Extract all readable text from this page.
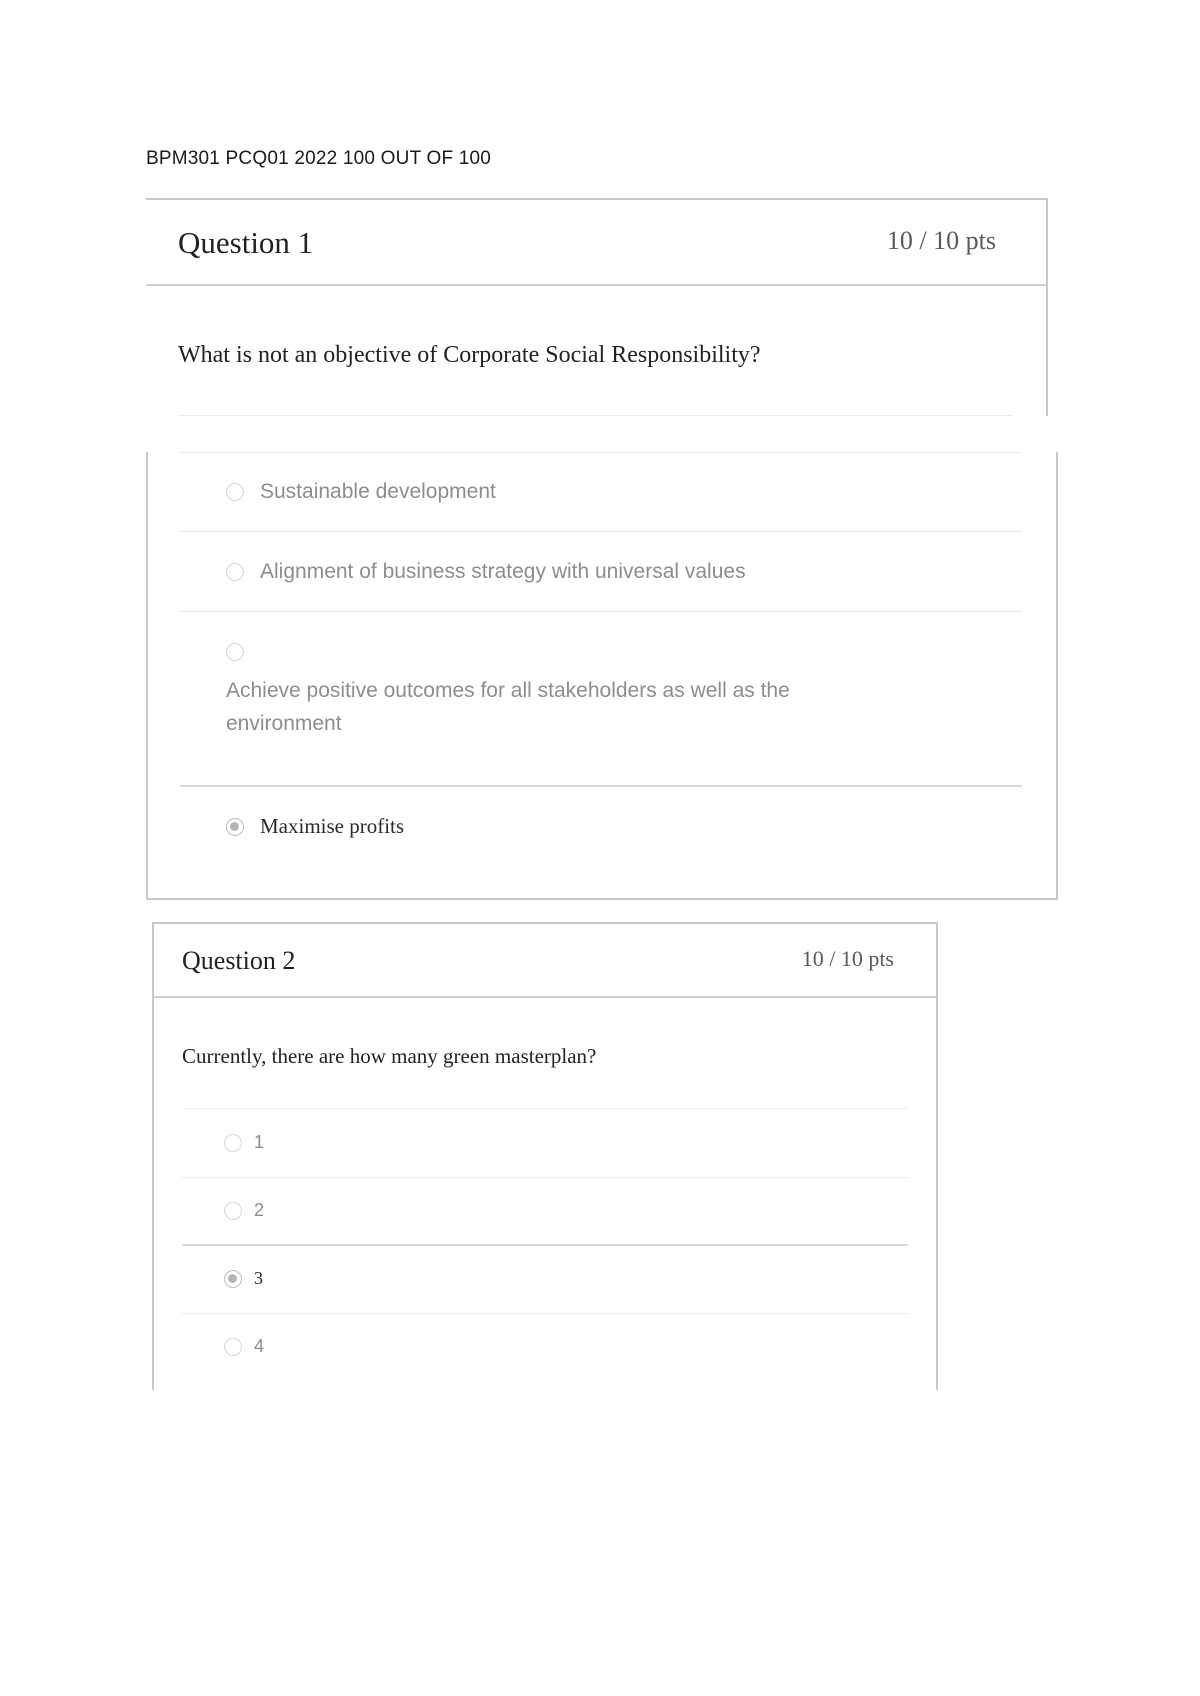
BPM301 PCQ01 2022 100 OUT OF 100
Question 1	10 / 10 pts
What is not an objective of Corporate Social Responsibility?
Sustainable development
Alignment of business strategy with universal values
Achieve positive outcomes for all stakeholders as well as the environment
Maximise profits
Question 2	10 / 10 pts
Currently, there are how many green masterplan?
1
2
3
4
